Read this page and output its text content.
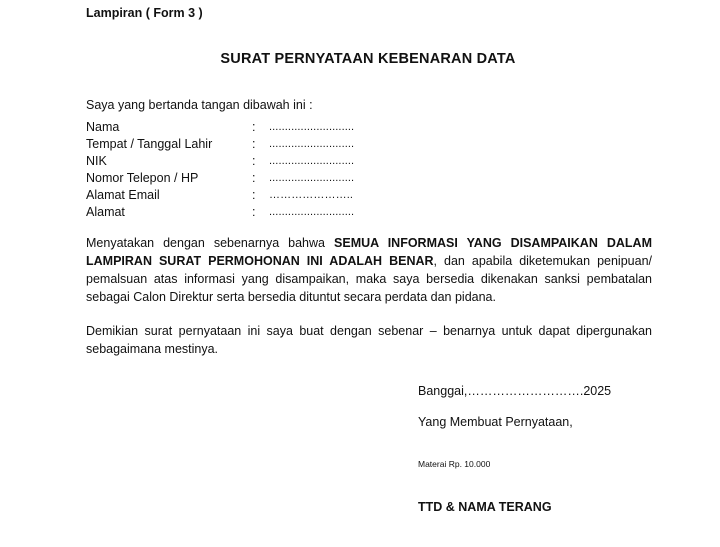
Lampiran ( Form 3 )
SURAT PERNYATAAN KEBENARAN DATA
Saya yang bertanda tangan dibawah ini :
Nama	: ...........................
Tempat / Tanggal Lahir	: ...........................
NIK	: ...........................
Nomor Telepon / HP	: ...........................
Alamat Email	: …………………..
Alamat	: ...........................
Menyatakan dengan sebenarnya bahwa SEMUA INFORMASI YANG DISAMPAIKAN DALAM LAMPIRAN SURAT PERMOHONAN INI ADALAH BENAR, dan apabila diketemukan penipuan/ pemalsuan atas informasi yang disampaikan, maka saya bersedia dikenakan sanksi pembatalan sebagai Calon Direktur serta bersedia dituntut secara perdata dan pidana.
Demikian surat pernyataan ini saya buat dengan sebenar – benarnya untuk dapat dipergunakan sebagaimana mestinya.
Banggai,……………………….2025
Yang Membuat Pernyataan,
Materai Rp. 10.000
TTD & NAMA TERANG
